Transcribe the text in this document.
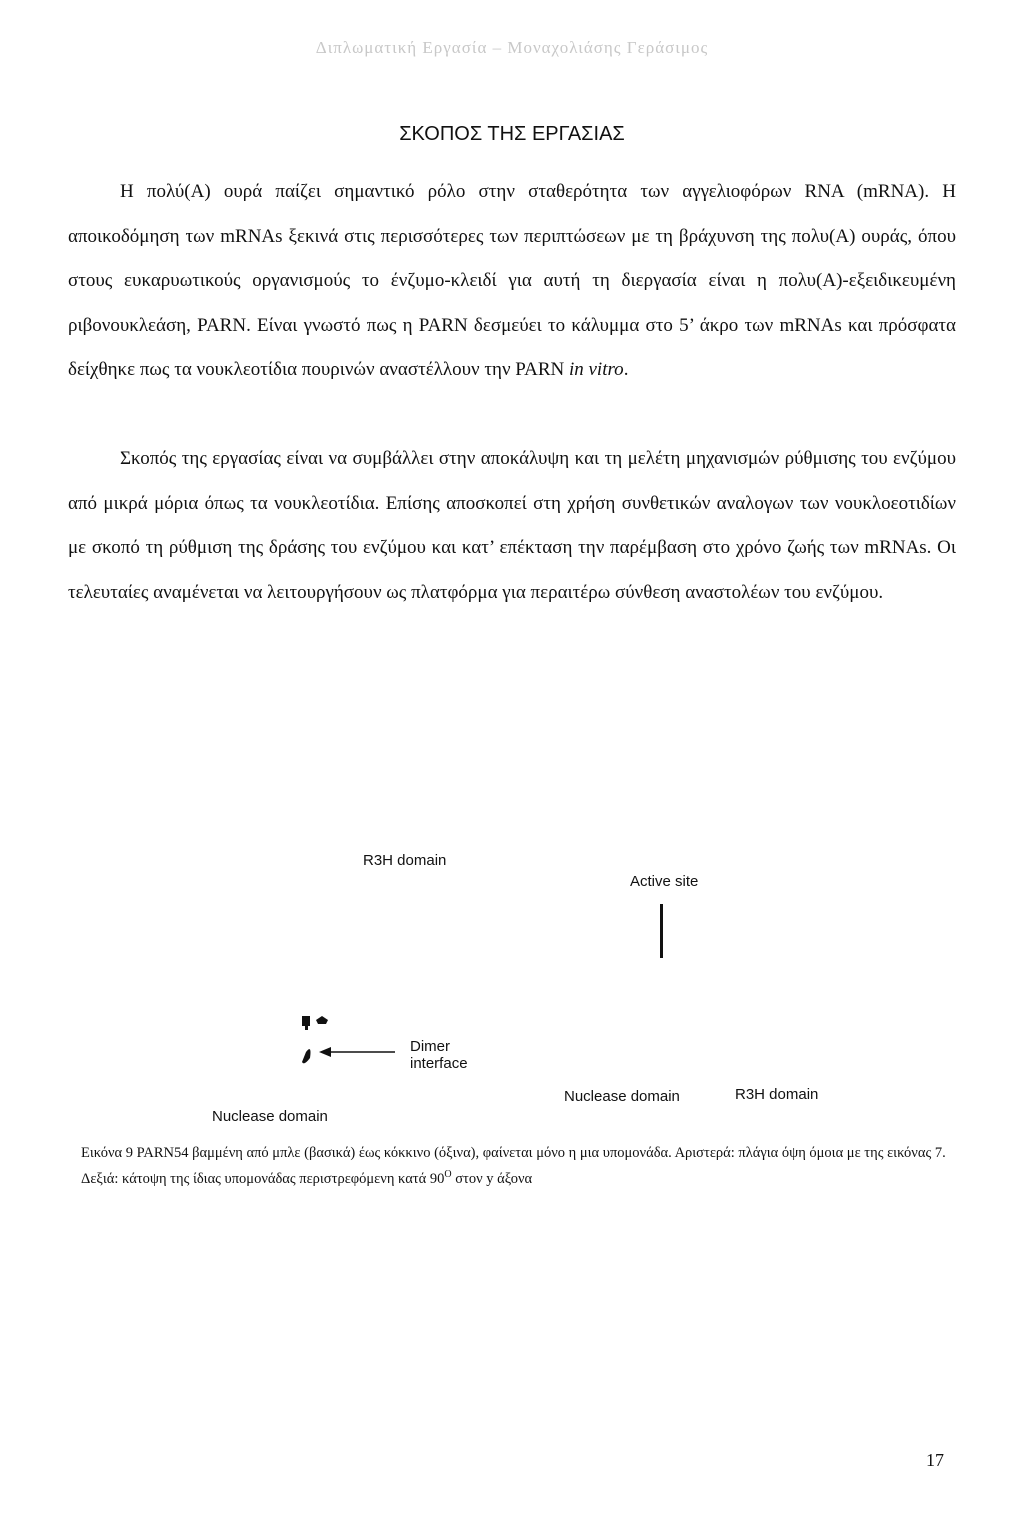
Διπλωματική Εργασία – Μοναχολιάσης Γεράσιμος
ΣΚΟΠΟΣ ΤΗΣ ΕΡΓΑΣΙΑΣ

Η πολύ(Α) ουρά παίζει σημαντικό ρόλο στην σταθερότητα των αγγελιοφόρων RNA (mRNA). Η αποικοδόμηση των mRNAs ξεκινά στις περισσότερες των περιπτώσεων με τη βράχυνση της πολυ(Α) ουράς, όπου στους ευκαρυωτικούς οργανισμούς το ένζυμο-κλειδί για αυτή τη διεργασία είναι η πολυ(Α)-εξειδικευμένη ριβονουκλεάση, PARN. Είναι γνωστό πως η PARN δεσμεύει το κάλυμμα στο 5’ άκρο των mRNAs και πρόσφατα δείχθηκε πως τα νουκλεοτίδια πουρινών αναστέλλουν την PARN in vitro.

Σκοπός της εργασίας είναι να συμβάλλει στην αποκάλυψη και τη μελέτη μηχανισμών ρύθμισης του ενζύμου από μικρά μόρια όπως τα νουκλεοτίδια. Επίσης αποσκοπεί στη χρήση συνθετικών αναλογων των νουκλοεοτιδίων με σκοπό τη ρύθμιση της δράσης του ενζύμου και κατ’ επέκταση την παρέμβαση στο χρόνο ζωής των mRNAs. Οι τελευταίες αναμένεται να λειτουργήσουν ως πλατφόρμα για περαιτέρω σύνθεση αναστολέων του ενζύμου.

R3H domain
Active site
Dimer
interface
Nuclease domain	R3H domain
Nuclease domain
Εικόνα 9 PARN54 βαμμένη από μπλε (βασικά) έως κόκκινο (όξινα), φαίνεται μόνο η μια υπομονάδα. Αριστερά: πλάγια όψη όμοια με της εικόνας 7. Δεξιά: κάτοψη της ίδιας υπομονάδας περιστρεφόμενη κατά $90^O$ στον y άξονα
17
